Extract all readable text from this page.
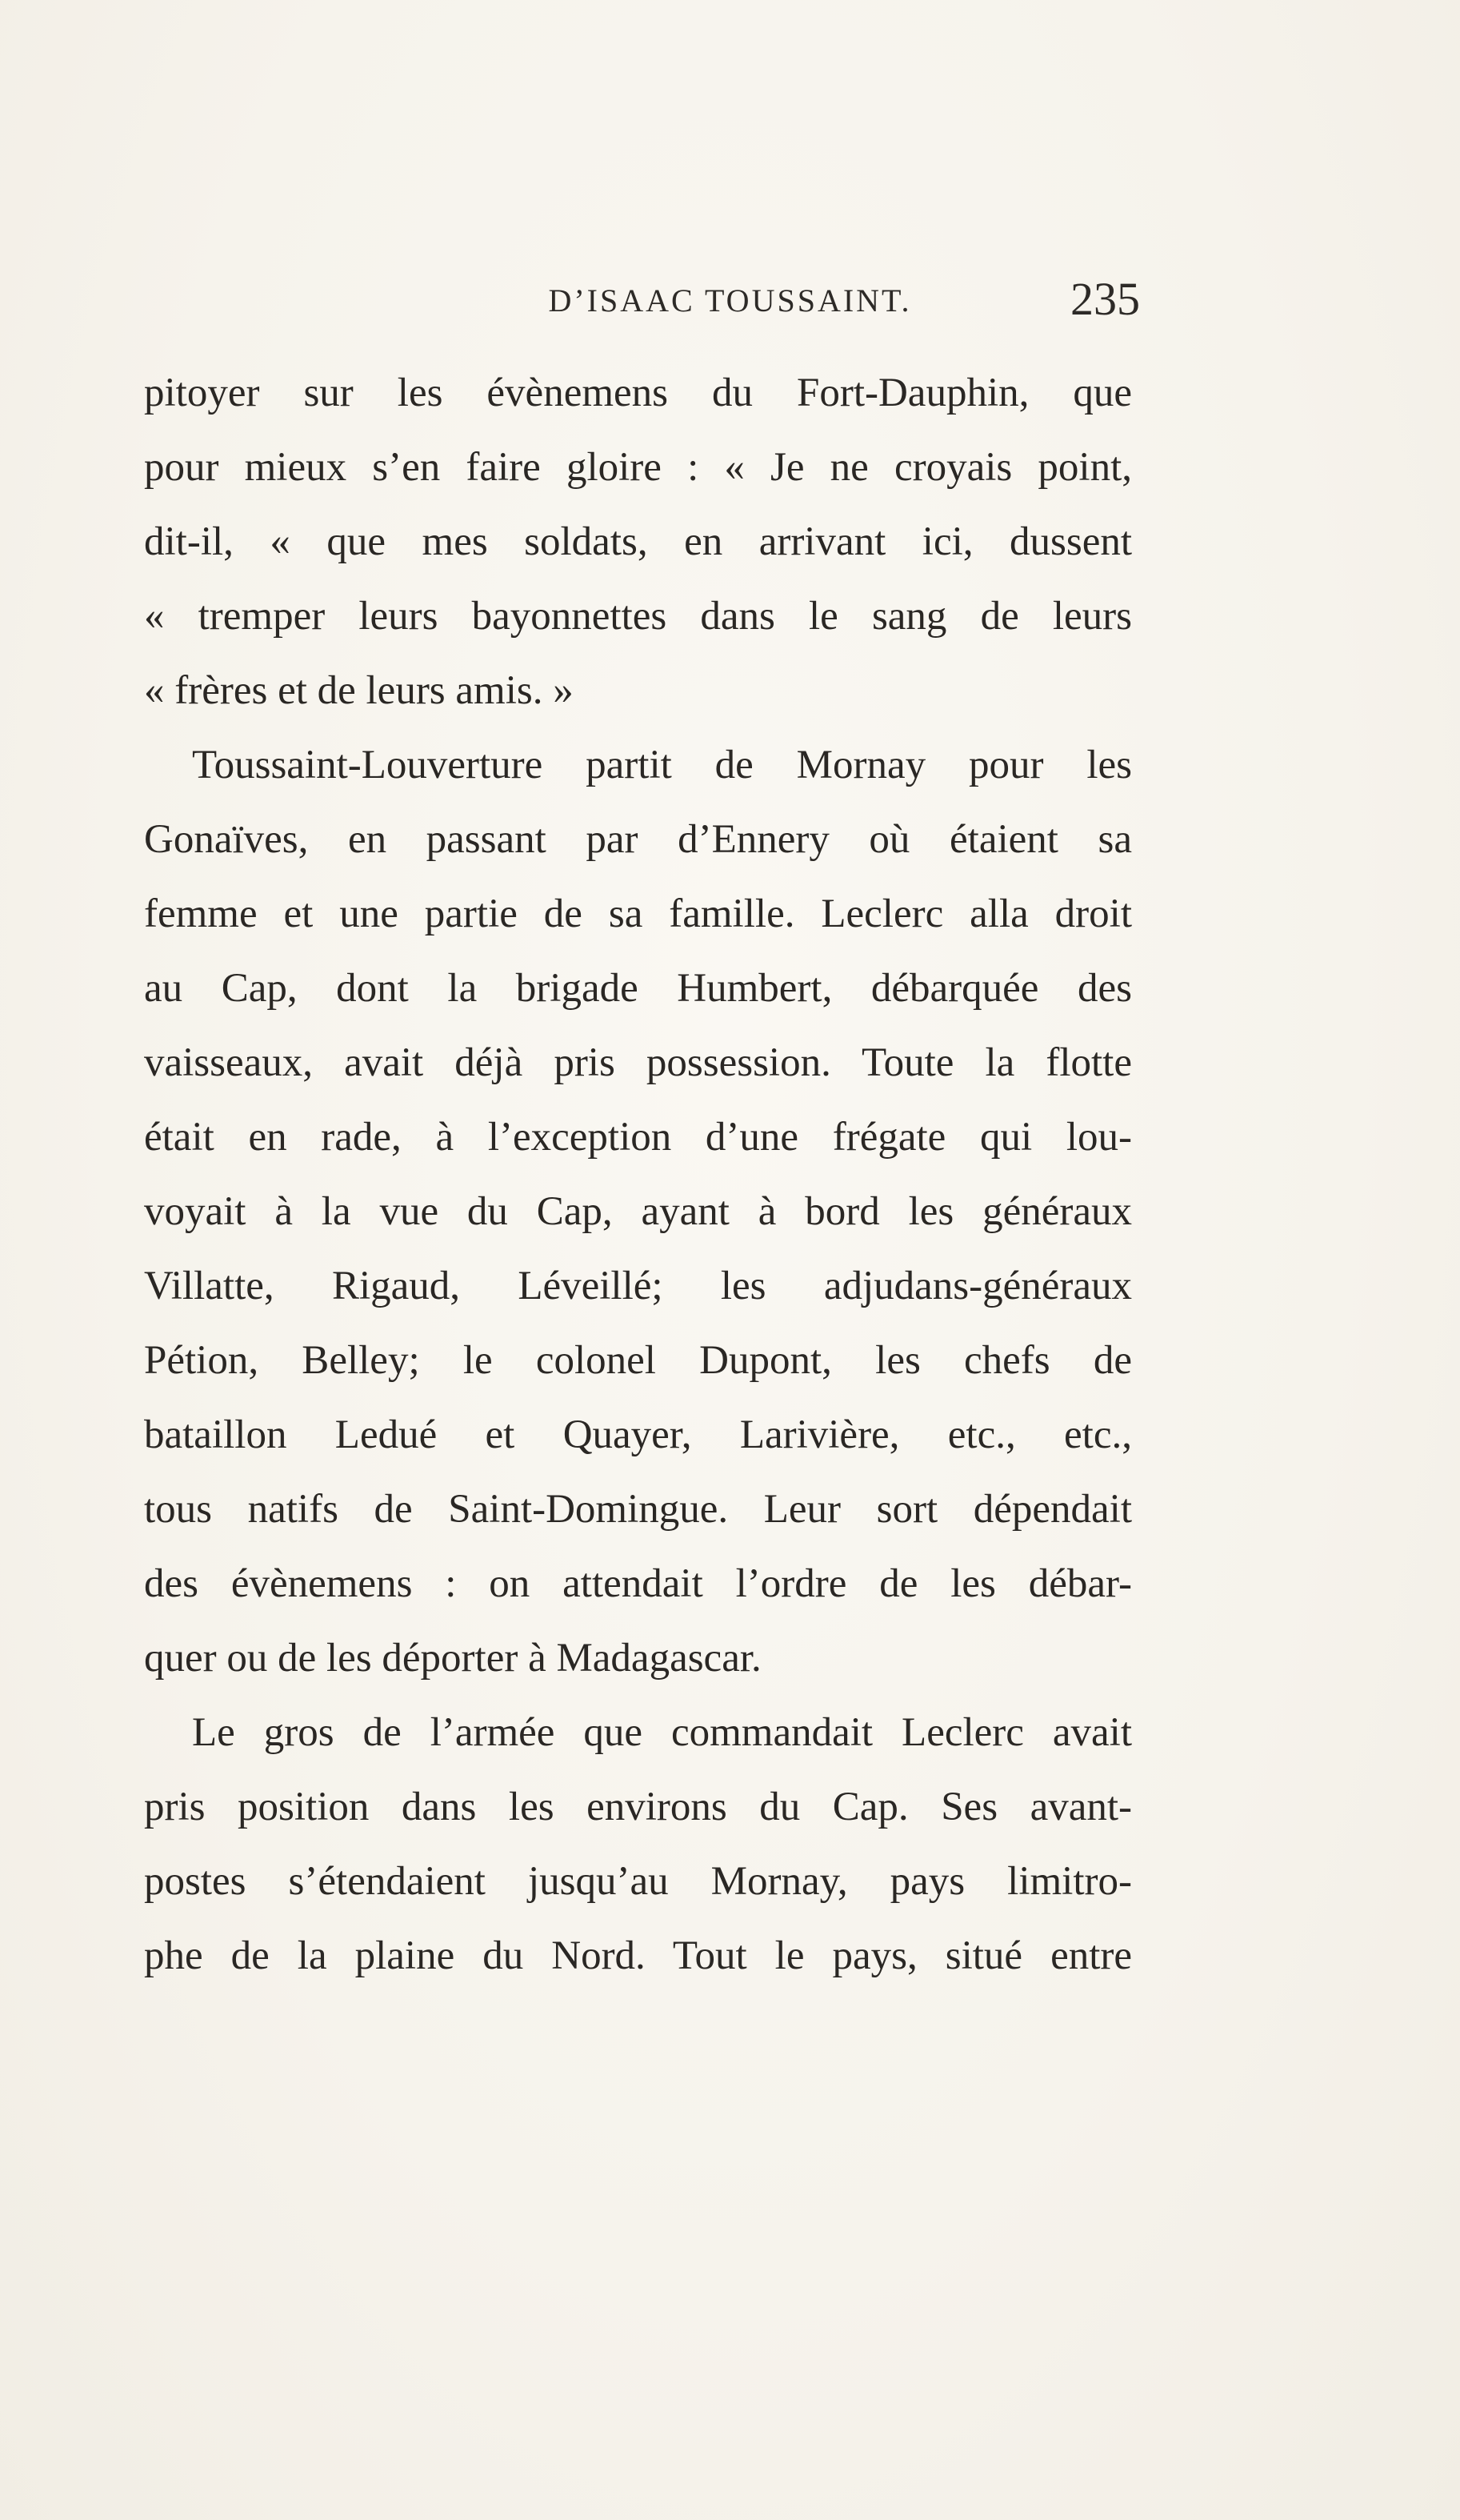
D’ISAAC TOUSSAINT.	235
pitoyer sur les évènemens du Fort-Dauphin, que
pour mieux s’en faire gloire : « Je ne croyais point,
dit-il, « que mes soldats, en arrivant ici, dussent
« tremper leurs bayonnettes dans le sang de leurs
« frères et de leurs amis. »
Toussaint-Louverture partit de Mornay pour les
Gonaïves, en passant par d’Ennery où étaient sa
femme et une partie de sa famille. Leclerc alla droit
au Cap, dont la brigade Humbert, débarquée des
vaisseaux, avait déjà pris possession. Toute la flotte
était en rade, à l’exception d’une frégate qui lou-
voyait à la vue du Cap, ayant à bord les généraux
Villatte, Rigaud, Léveillé; les adjudans-généraux
Pétion, Belley; le colonel Dupont, les chefs de
bataillon Ledué et Quayer, Larivière, etc., etc.,
tous natifs de Saint-Domingue. Leur sort dépendait
des évènemens : on attendait l’ordre de les débar-
quer ou de les déporter à Madagascar.
Le gros de l’armée que commandait Leclerc avait
pris position dans les environs du Cap. Ses avant-
postes s’étendaient jusqu’au Mornay, pays limitro-
phe de la plaine du Nord. Tout le pays, situé entre
